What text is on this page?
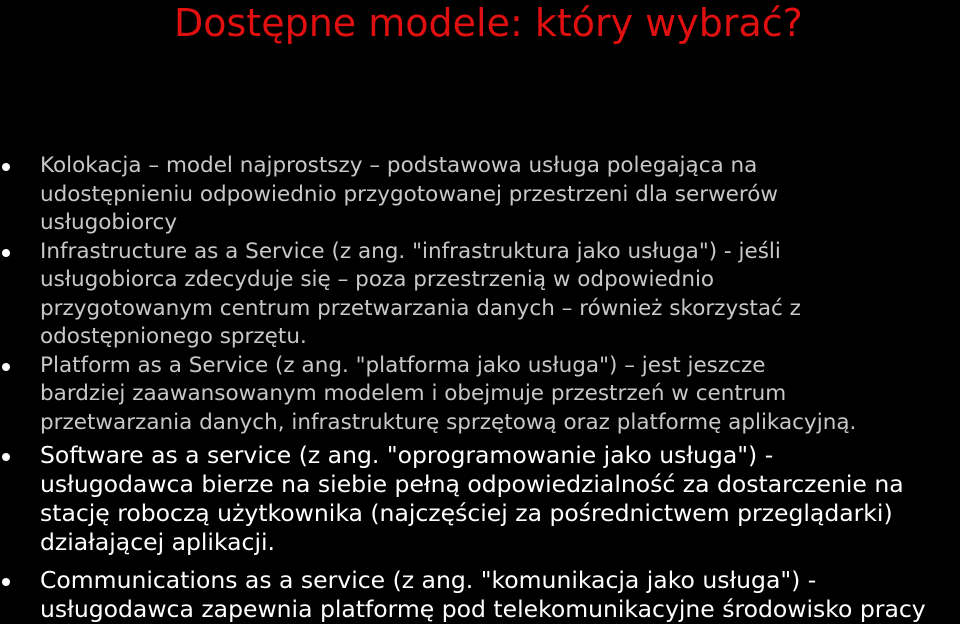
Dostępne modele: który wybrać?
Kolokacja – model najprostszy – podstawowa usługa polegająca na
udostępnieniu odpowiednio przygotowanej przestrzeni dla serwerów
usługobiorcy
Infrastructure as a Service (z ang. "infrastruktura jako usługa") - jeśli
usługobiorca zdecyduje się – poza przestrzenią w odpowiednio
przygotowanym centrum przetwarzania danych – również skorzystać z
odostępnionego sprzętu.
Platform as a Service (z ang. "platforma jako usługa") – jest jeszcze
bardziej zaawansowanym modelem i obejmuje przestrzeń w centrum
przetwarzania danych, infrastrukturę sprzętową oraz platformę aplikacyjną.
Software as a service (z ang. "oprogramowanie jako usługa") -
usługodawca bierze na siebie pełną odpowiedzialność za dostarczenie na
stację roboczą użytkownika (najczęściej za pośrednictwem przeglądarki)
działającej aplikacji.
Communications as a service (z ang. "komunikacja jako usługa") -
usługodawca zapewnia platformę pod telekomunikacyjne środowisko pracy
